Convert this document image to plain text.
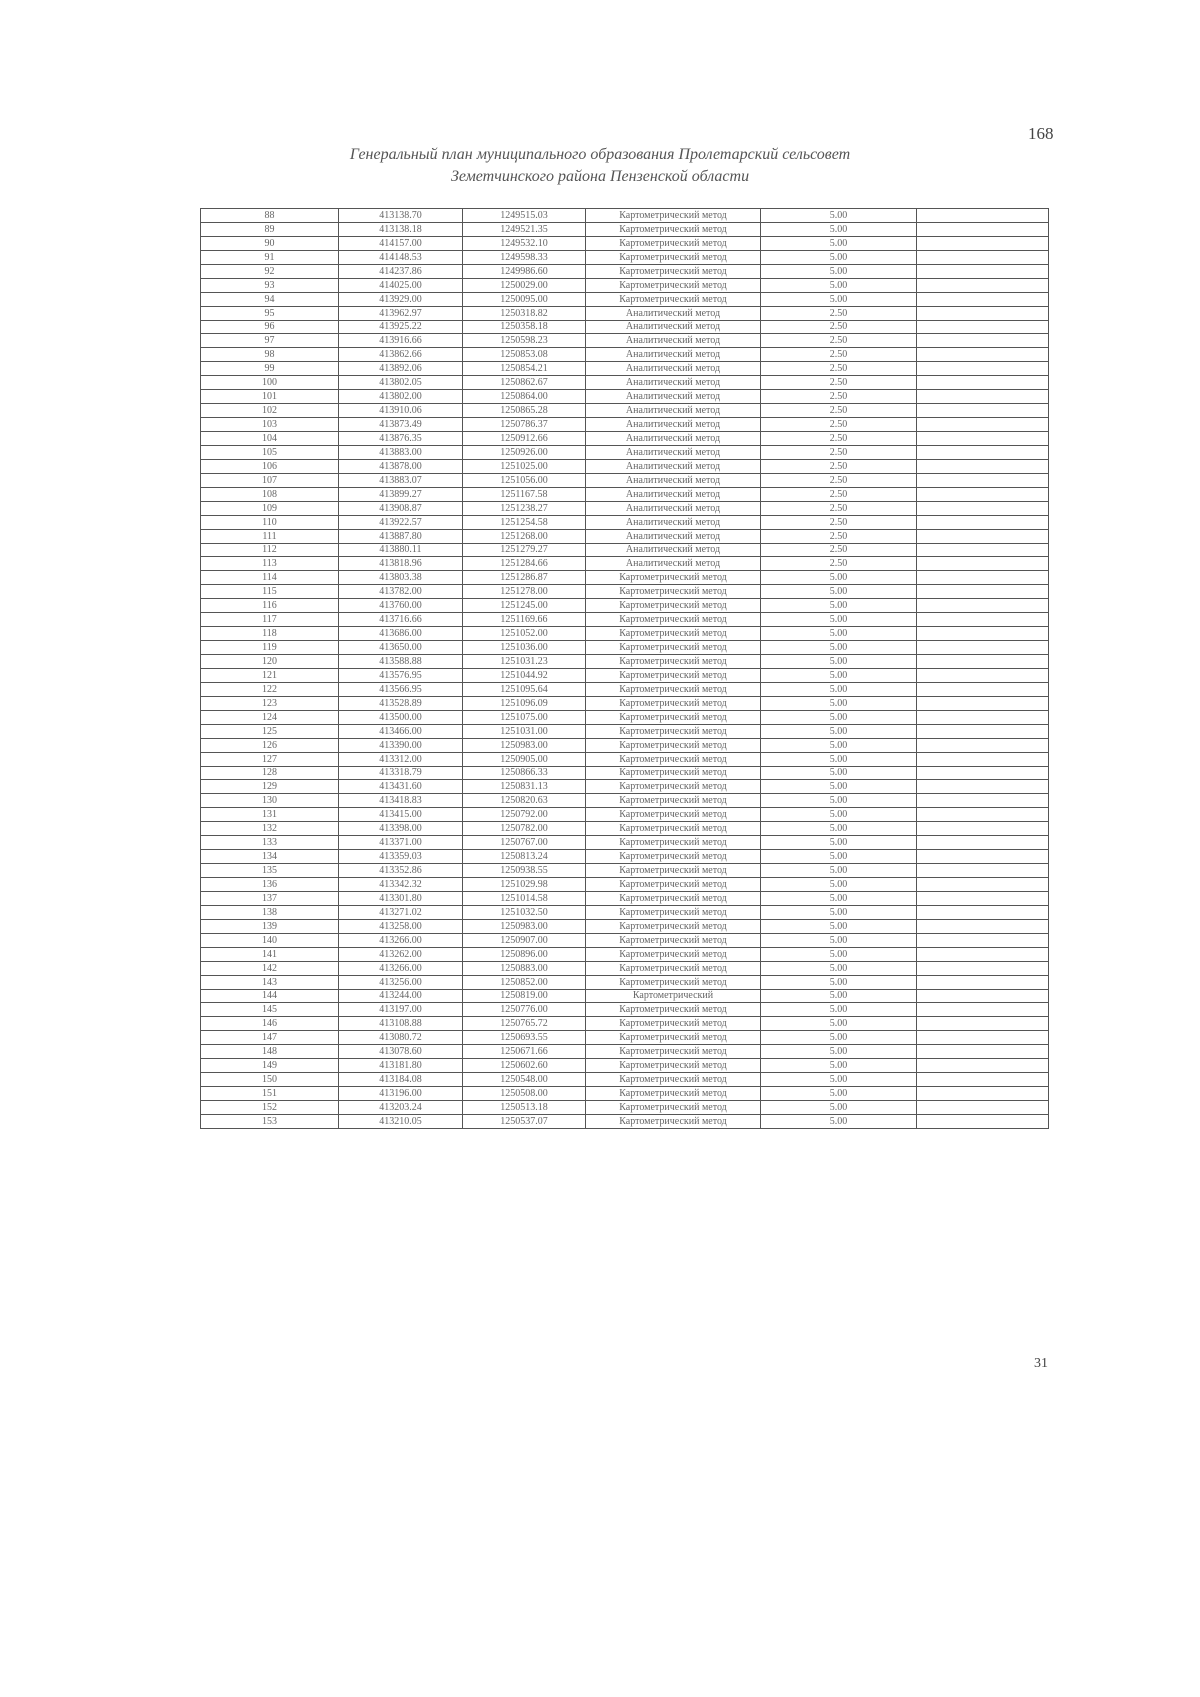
168
Генеральный план муниципального образования Пролетарский сельсовет
Земетчинского района Пензенской области
88	413138.70	1249515.03	Картометрический метод	5.00	
89	413138.18	1249521.35	Картометрический метод	5.00	
90	414157.00	1249532.10	Картометрический метод	5.00	
91	414148.53	1249598.33	Картометрический метод	5.00	
92	414237.86	1249986.60	Картометрический метод	5.00	
93	414025.00	1250029.00	Картометрический метод	5.00	
94	413929.00	1250095.00	Картометрический метод	5.00	
95	413962.97	1250318.82	Аналитический метод	2.50	
96	413925.22	1250358.18	Аналитический метод	2.50	
97	413916.66	1250598.23	Аналитический метод	2.50	
98	413862.66	1250853.08	Аналитический метод	2.50	
99	413892.06	1250854.21	Аналитический метод	2.50	
100	413802.05	1250862.67	Аналитический метод	2.50	
101	413802.00	1250864.00	Аналитический метод	2.50	
102	413910.06	1250865.28	Аналитический метод	2.50	
103	413873.49	1250786.37	Аналитический метод	2.50	
104	413876.35	1250912.66	Аналитический метод	2.50	
105	413883.00	1250926.00	Аналитический метод	2.50	
106	413878.00	1251025.00	Аналитический метод	2.50	
107	413883.07	1251056.00	Аналитический метод	2.50	
108	413899.27	1251167.58	Аналитический метод	2.50	
109	413908.87	1251238.27	Аналитический метод	2.50	
110	413922.57	1251254.58	Аналитический метод	2.50	
111	413887.80	1251268.00	Аналитический метод	2.50	
112	413880.11	1251279.27	Аналитический метод	2.50	
113	413818.96	1251284.66	Аналитический метод	2.50	
114	413803.38	1251286.87	Картометрический метод	5.00	
115	413782.00	1251278.00	Картометрический метод	5.00	
116	413760.00	1251245.00	Картометрический метод	5.00	
117	413716.66	1251169.66	Картометрический метод	5.00	
118	413686.00	1251052.00	Картометрический метод	5.00	
119	413650.00	1251036.00	Картометрический метод	5.00	
120	413588.88	1251031.23	Картометрический метод	5.00	
121	413576.95	1251044.92	Картометрический метод	5.00	
122	413566.95	1251095.64	Картометрический метод	5.00	
123	413528.89	1251096.09	Картометрический метод	5.00	
124	413500.00	1251075.00	Картометрический метод	5.00	
125	413466.00	1251031.00	Картометрический метод	5.00	
126	413390.00	1250983.00	Картометрический метод	5.00	
127	413312.00	1250905.00	Картометрический метод	5.00	
128	413318.79	1250866.33	Картометрический метод	5.00	
129	413431.60	1250831.13	Картометрический метод	5.00	
130	413418.83	1250820.63	Картометрический метод	5.00	
131	413415.00	1250792.00	Картометрический метод	5.00	
132	413398.00	1250782.00	Картометрический метод	5.00	
133	413371.00	1250767.00	Картометрический метод	5.00	
134	413359.03	1250813.24	Картометрический метод	5.00	
135	413352.86	1250938.55	Картометрический метод	5.00	
136	413342.32	1251029.98	Картометрический метод	5.00	
137	413301.80	1251014.58	Картометрический метод	5.00	
138	413271.02	1251032.50	Картометрический метод	5.00	
139	413258.00	1250983.00	Картометрический метод	5.00	
140	413266.00	1250907.00	Картометрический метод	5.00	
141	413262.00	1250896.00	Картометрический метод	5.00	
142	413266.00	1250883.00	Картометрический метод	5.00	
143	413256.00	1250852.00	Картометрический метод	5.00	
144	413244.00	1250819.00	Картометрический	5.00	
145	413197.00	1250776.00	Картометрический метод	5.00	
146	413108.88	1250765.72	Картометрический метод	5.00	
147	413080.72	1250693.55	Картометрический метод	5.00	
148	413078.60	1250671.66	Картометрический метод	5.00	
149	413181.80	1250602.60	Картометрический метод	5.00	
150	413184.08	1250548.00	Картометрический метод	5.00	
151	413196.00	1250508.00	Картометрический метод	5.00	
152	413203.24	1250513.18	Картометрический метод	5.00	
153	413210.05	1250537.07	Картометрический метод	5.00	
31
